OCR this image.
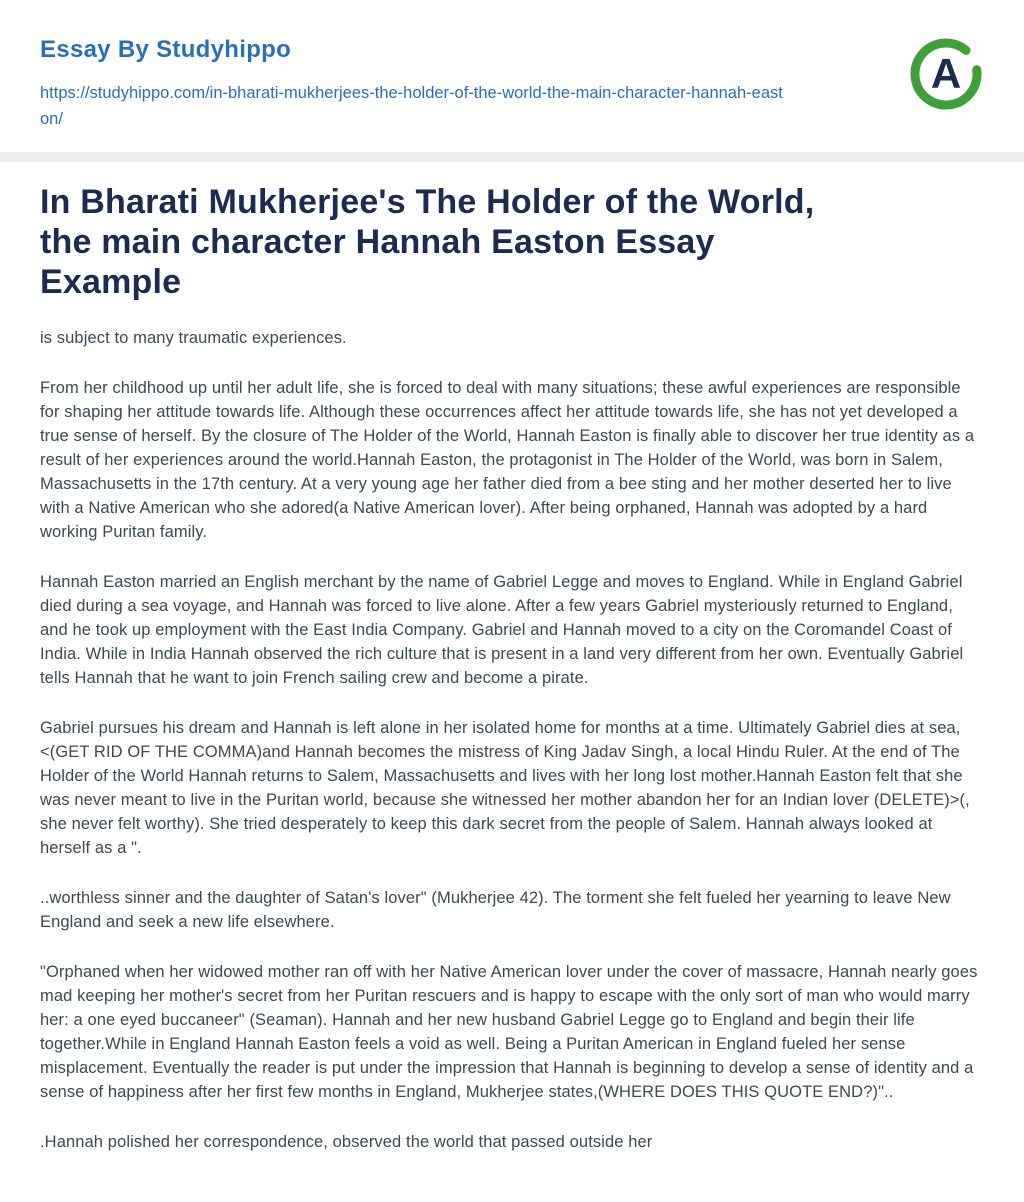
Essay By Studyhippo
https://studyhippo.com/in-bharati-mukherjees-the-holder-of-the-world-the-main-character-hannah-easton/
A
In Bharati Mukherjee's The Holder of the World, the main character Hannah Easton Essay Example

is subject to many traumatic experiences.

From her childhood up until her adult life, she is forced to deal with many situations; these awful experiences are responsible for shaping her attitude towards life. Although these occurrences affect her attitude towards life, she has not yet developed a true sense of herself. By the closure of The Holder of the World, Hannah Easton is finally able to discover her true identity as a result of her experiences around the world.Hannah Easton, the protagonist in The Holder of the World, was born in Salem, Massachusetts in the 17th century. At a very young age her father died from a bee sting and her mother deserted her to live with a Native American who she adored(a Native American lover). After being orphaned, Hannah was adopted by a hard working Puritan family.

Hannah Easton married an English merchant by the name of Gabriel Legge and moves to England. While in England Gabriel died during a sea voyage, and Hannah was forced to live alone. After a few years Gabriel mysteriously returned to England, and he took up employment with the East India Company. Gabriel and Hannah moved to a city on the Coromandel Coast of India. While in India Hannah observed the rich culture that is present in a land very different from her own. Eventually Gabriel tells Hannah that he want to join French sailing crew and become a pirate.

Gabriel pursues his dream and Hannah is left alone in her isolated home for months at a time. Ultimately Gabriel dies at sea,<(GET RID OF THE COMMA)and Hannah becomes the mistress of King Jadav Singh, a local Hindu Ruler. At the end of The Holder of the World Hannah returns to Salem, Massachusetts and lives with her long lost mother.Hannah Easton felt that she was never meant to live in the Puritan world, because she witnessed her mother abandon her for an Indian lover (DELETE)>(, she never felt worthy). She tried desperately to keep this dark secret from the people of Salem. Hannah always looked at herself as a ".

..worthless sinner and the daughter of Satan's lover" (Mukherjee 42). The torment she felt fueled her yearning to leave New England and seek a new life elsewhere.

"Orphaned when her widowed mother ran off with her Native American lover under the cover of massacre, Hannah nearly goes mad keeping her mother's secret from her Puritan rescuers and is happy to escape with the only sort of man who would marry her: a one eyed buccaneer" (Seaman). Hannah and her new husband Gabriel Legge go to England and begin their life together.While in England Hannah Easton feels a void as well. Being a Puritan American in England fueled her sense misplacement. Eventually the reader is put under the impression that Hannah is beginning to develop a sense of identity and a sense of happiness after her first few months in England, Mukherjee states,(WHERE DOES THIS QUOTE END?)"..

.Hannah polished her correspondence, observed the world that passed outside her
